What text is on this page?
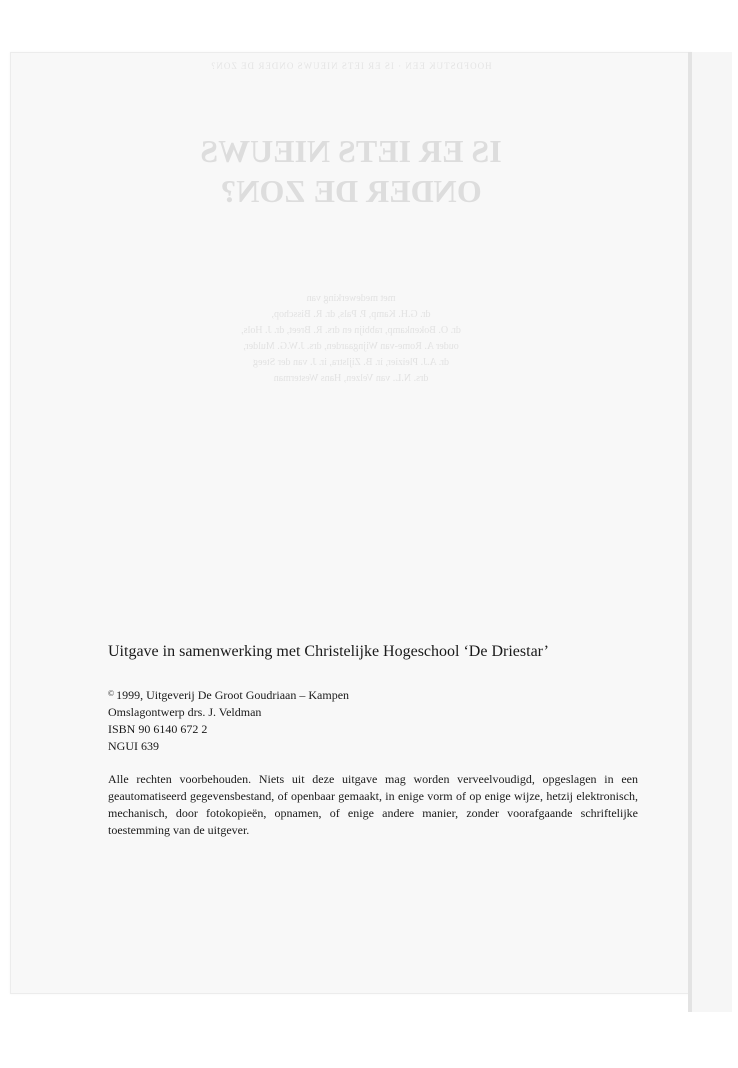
HOOFDSTUK EEN · IS ER IETS NIEUWS ONDER DE ZON?
IS ER IETS NIEUWS
ONDER DE ZON?
met medewerking van
dr. G.H. Kamp, P. Pals, dr. R. Bisschop,
dr. O. Bokenkamp, rabbijn en drs. R. Breet, dr. J. Hols,
ouder A. Rome-van Wijngaarden, drs. J.W.G. Mulder,
dr. A.J. Pleizier, ir. B. Zijlstra, ir. J. van der Steeg
drs. N.L. van Velzen, Hans Westerman

Uitgave in samenwerking met Christelijke Hogeschool ‘De Driestar’

© 1999, Uitgeverij De Groot Goudriaan – Kampen
Omslagontwerp drs. J. Veldman
ISBN 90 6140 672 2
NGUI 639

Alle rechten voorbehouden. Niets uit deze uitgave mag worden verveelvoudigd, opgeslagen in een geautomatiseerd gegevensbestand, of openbaar gemaakt, in enige vorm of op enige wijze, hetzij elektronisch, mechanisch, door fotokopieën, opnamen, of enige andere manier, zonder voorafgaande schriftelijke toestemming van de uitgever.
